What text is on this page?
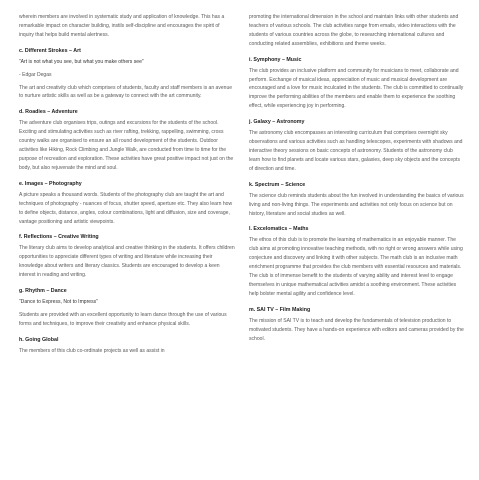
wherein members are involved in systematic study and application of knowledge. This has a remarkable impact on character building, instils self-discipline and encourages the spirit of inquiry that helps build mental alertness.

c. Different Strokes – Art

“Art is not what you see, but what you make others see”

- Edgar Degas

The art and creativity club which comprises of students, faculty and staff members is an avenue to nurture artistic skills as well as be a gateway to connect with the art community.

d. Roadies – Adventure

The adventure club organises trips, outings and excursions for the students of the school. Exciting and stimulating activities such as river rafting, trekking, rappelling, swimming, cross country walks are organised to ensure an all round development of the students. Outdoor activities like Hiking, Rock Climbing and Jungle Walk, are conducted from time to time for the purpose of recreation and exploration. These activities have great positive impact not just on the body, but also rejuvenate the mind and soul.

e. Images – Photography

A picture speaks a thousand words. Students of the photography club are taught the art and techniques of photography - nuances of focus, shutter speed, aperture etc. They also learn how to define objects, distance, angles, colour combinations, light and diffusion, size and coverage, vantage positioning and artistic viewpoints.

f. Reflections – Creative Writing

The literary club aims to develop analytical and creative thinking in the students. It offers children opportunities to appreciate different types of writing and literature while increasing their knowledge about writers and literary classics. Students are encouraged to develop a keen interest in reading and writing.

g. Rhythm – Dance

“Dance to Express, Not to Impress”

Students are provided with an excellent opportunity to learn dance through the use of various forms and techniques, to improve their creativity and enhance physical skills.

h. Going Global

The members of this club co-ordinate projects as well as assist in

promoting the international dimension in the school and maintain links with other students and teachers of various schools. The club activities range from emails, video interactions with the students of various countries across the globe, to researching international cultures and conducting related assemblies, exhibitions and theme weeks.

i. Symphony – Music

The club provides an inclusive platform and community for musicians to meet, collaborate and perform. Exchange of musical ideas, appreciation of music and musical development are encouraged and a love for music inculcated in the students. The club is committed to continually improve the performing abilities of the members and enable them to experience the soothing effect, while experiencing joy in performing.

j. Galaxy – Astronomy

The astronomy club encompasses an interesting curriculum that comprises overnight sky observations and various activities such as handling telescopes, experiments with shadows and interactive theory sessions on basic concepts of astronomy. Students of the astronomy club learn how to find planets and locate various stars, galaxies, deep sky objects and the concepts of direction and time.

k. Spectrum – Science

The science club reminds students about the fun involved in understanding the basics of various living and non-living things. The experiments and activities not only focus on science but on history, literature and social studies as well.

l. Excelomatics – Maths

The ethos of this club is to promote the learning of mathematics in an enjoyable manner. The club aims at promoting innovative teaching methods, with no right or wrong answers while using conjecture and discovery and linking it with other subjects. The math club is an inclusive math enrichment programme that provides the club members with essential resources and materials. The club is of immense benefit to the students of varying ability and interest level to engage themselves in unique mathematical activities amidst a soothing environment. These activities help bolster mental agility and confidence level.

m. SAI TV – Film Making

The mission of SAI TV is to teach and develop the fundamentals of television production to motivated students. They have a hands-on experience with editors and cameras provided by the school.
